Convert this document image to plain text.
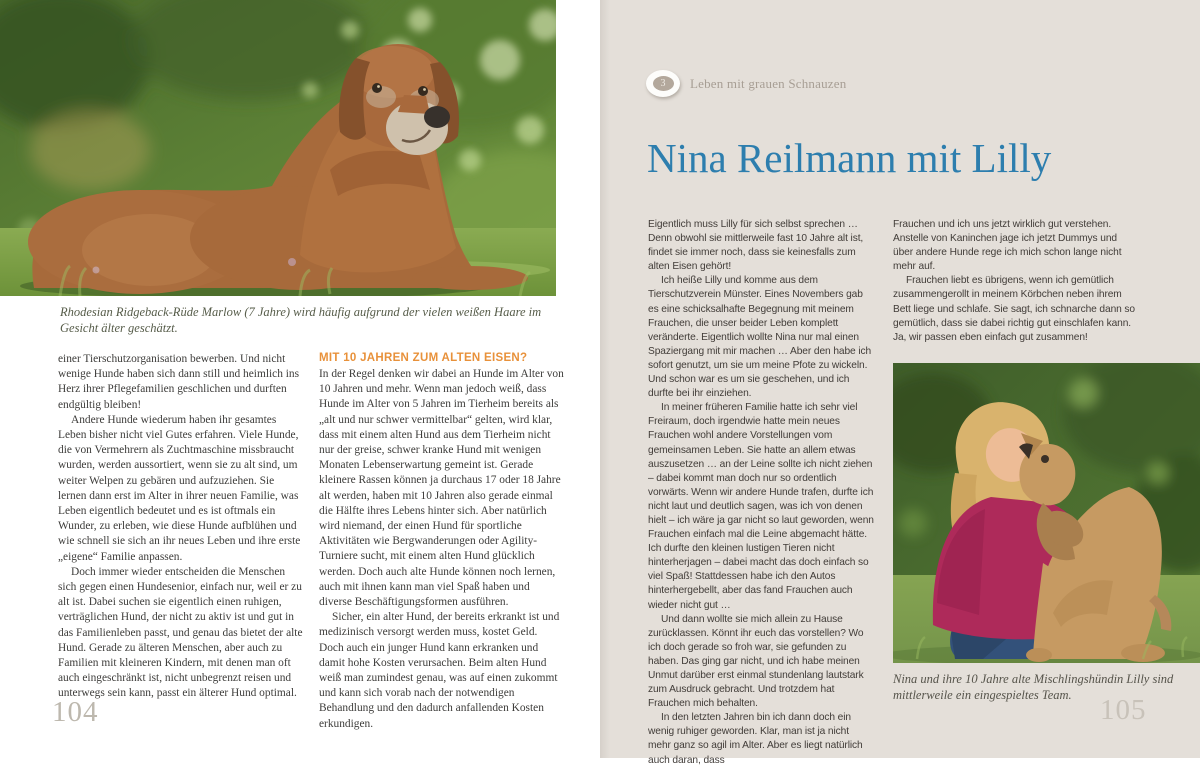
Rhodesian Ridgeback-Rüde Marlow (7 Jahre) wird häufig aufgrund der vielen weißen Haare im Gesicht älter geschätzt.

einer Tierschutzorganisation bewerben. Und nicht wenige Hunde haben sich dann still und heimlich ins Herz ihrer Pflegefamilien geschlichen und durften endgültig bleiben!

Andere Hunde wiederum haben ihr gesamtes Leben bisher nicht viel Gutes erfahren. Viele Hunde, die von Vermehrern als Zuchtmaschine missbraucht wurden, werden aussortiert, wenn sie zu alt sind, um weiter Welpen zu gebären und aufzuziehen. Sie lernen dann erst im Alter in ihrer neuen Familie, was Leben eigentlich bedeutet und es ist oftmals ein Wunder, zu erleben, wie diese Hunde aufblühen und wie schnell sie sich an ihr neues Leben und ihre erste „eigene“ Familie anpassen.

Doch immer wieder entscheiden die Menschen sich gegen einen Hundesenior, einfach nur, weil er zu alt ist. Dabei suchen sie eigentlich einen ruhigen, verträglichen Hund, der nicht zu aktiv ist und gut in das Familienleben passt, und genau das bietet der alte Hund. Gerade zu älteren Menschen, aber auch zu Familien mit kleineren Kindern, mit denen man oft auch eingeschränkt ist, nicht unbegrenzt reisen und unterwegs sein kann, passt ein älterer Hund optimal.

MIT 10 JAHREN ZUM ALTEN EISEN?

In der Regel denken wir dabei an Hunde im Alter von 10 Jahren und mehr. Wenn man jedoch weiß, dass Hunde im Alter von 5 Jahren im Tierheim bereits als „alt und nur schwer vermittelbar“ gelten, wird klar, dass mit einem alten Hund aus dem Tierheim nicht nur der greise, schwer kranke Hund mit wenigen Monaten Lebenserwartung gemeint ist. Gerade kleinere Rassen können ja durchaus 17 oder 18 Jahre alt werden, haben mit 10 Jahren also gerade einmal die Hälfte ihres Lebens hinter sich. Aber natürlich wird niemand, der einen Hund für sportliche Aktivitäten wie Bergwanderungen oder Agility-Turniere sucht, mit einem alten Hund glücklich werden. Doch auch alte Hunde können noch lernen, auch mit ihnen kann man viel Spaß haben und diverse Beschäftigungsformen ausführen.

Sicher, ein alter Hund, der bereits erkrankt ist und medizinisch versorgt werden muss, kostet Geld. Doch auch ein junger Hund kann erkranken und damit hohe Kosten verursachen. Beim alten Hund weiß man zumindest genau, was auf einen zukommt und kann sich vorab nach der notwendigen Behandlung und den dadurch anfallenden Kosten erkundigen.

104
3	Leben mit grauen Schnauzen
Nina Reilmann mit Lilly

Eigentlich muss Lilly für sich selbst sprechen … Denn obwohl sie mittlerweile fast 10 Jahre alt ist, findet sie immer noch, dass sie keinesfalls zum alten Eisen gehört!

Ich heiße Lilly und komme aus dem Tierschutzverein Münster. Eines Novembers gab es eine schicksalhafte Begegnung mit meinem Frauchen, die unser beider Leben komplett veränderte. Eigentlich wollte Nina nur mal einen Spaziergang mit mir machen … Aber den habe ich sofort genutzt, um sie um meine Pfote zu wickeln. Und schon war es um sie geschehen, und ich durfte bei ihr einziehen.

In meiner früheren Familie hatte ich sehr viel Freiraum, doch irgendwie hatte mein neues Frauchen wohl andere Vorstellungen vom gemeinsamen Leben. Sie hatte an allem etwas auszusetzen … an der Leine sollte ich nicht ziehen – dabei kommt man doch nur so ordentlich vorwärts. Wenn wir andere Hunde trafen, durfte ich nicht laut und deutlich sagen, was ich von denen hielt – ich wäre ja gar nicht so laut geworden, wenn Frauchen einfach mal die Leine abgemacht hätte. Ich durfte den kleinen lustigen Tieren nicht hinterherjagen – dabei macht das doch einfach so viel Spaß! Stattdessen habe ich den Autos hinterhergebellt, aber das fand Frauchen auch wieder nicht gut …

Und dann wollte sie mich allein zu Hause zurücklassen. Könnt ihr euch das vorstellen? Wo ich doch gerade so froh war, sie gefunden zu haben. Das ging gar nicht, und ich habe meinen Unmut darüber erst einmal stundenlang lautstark zum Ausdruck gebracht. Und trotzdem hat Frauchen mich behalten.

In den letzten Jahren bin ich dann doch ein wenig ruhiger geworden. Klar, man ist ja nicht mehr ganz so agil im Alter. Aber es liegt natürlich auch daran, dass

Frauchen und ich uns jetzt wirklich gut verstehen. Anstelle von Kaninchen jage ich jetzt Dummys und über andere Hunde rege ich mich schon lange nicht mehr auf.

Frauchen liebt es übrigens, wenn ich gemütlich zusammengerollt in meinem Körbchen neben ihrem Bett liege und schlafe. Sie sagt, ich schnarche dann so gemütlich, dass sie dabei richtig gut einschlafen kann. Ja, wir passen eben einfach gut zusammen!

Nina und ihre 10 Jahre alte Mischlingshündin Lilly sind mittlerweile ein eingespieltes Team. 105
